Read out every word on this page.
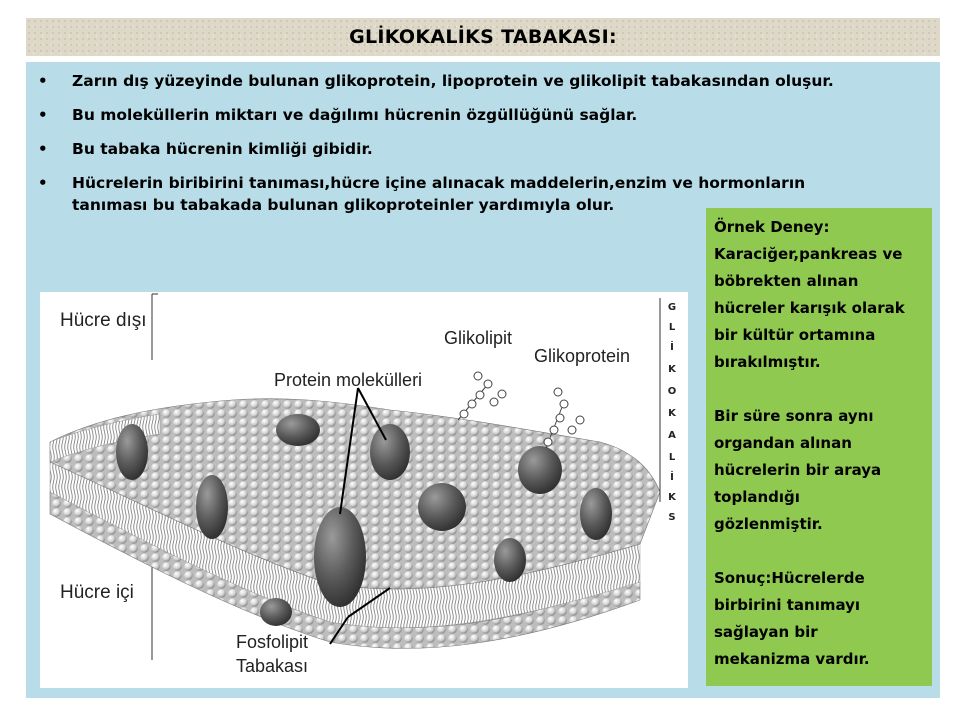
GLİKOKALİKS TABAKASI:
• Zarın dış yüzeyinde bulunan glikoprotein, lipoprotein ve glikolipit tabakasından oluşur.
• Bu moleküllerin miktarı ve dağılımı hücrenin özgüllüğünü sağlar.
• Bu tabaka hücrenin kimliği gibidir.
• Hücrelerin biribirini tanıması,hücre içine alınacak maddelerin,enzim ve hormonların
tanıması bu tabakada bulunan glikoproteinler yardımıyla olur.

Örnek Deney:

Karaciğer,pankreas ve

böbrekten alınan

hücreler karışık olarak

bir kültür ortamına

bırakılmıştır.

Bir süre sonra aynı

organdan alınan

hücrelerin bir araya

toplandığı

gözlenmiştir.

Sonuç:Hücrelerde

birbirini tanımayı

sağlayan bir

mekanizma vardır.

Hücre dışı
Hücre içi
Glikolipit
Glikoprotein
Protein molekülleri
Fosfolipit
Tabakası
G
L
İ
K
O
K
A
L
İ
K
S
